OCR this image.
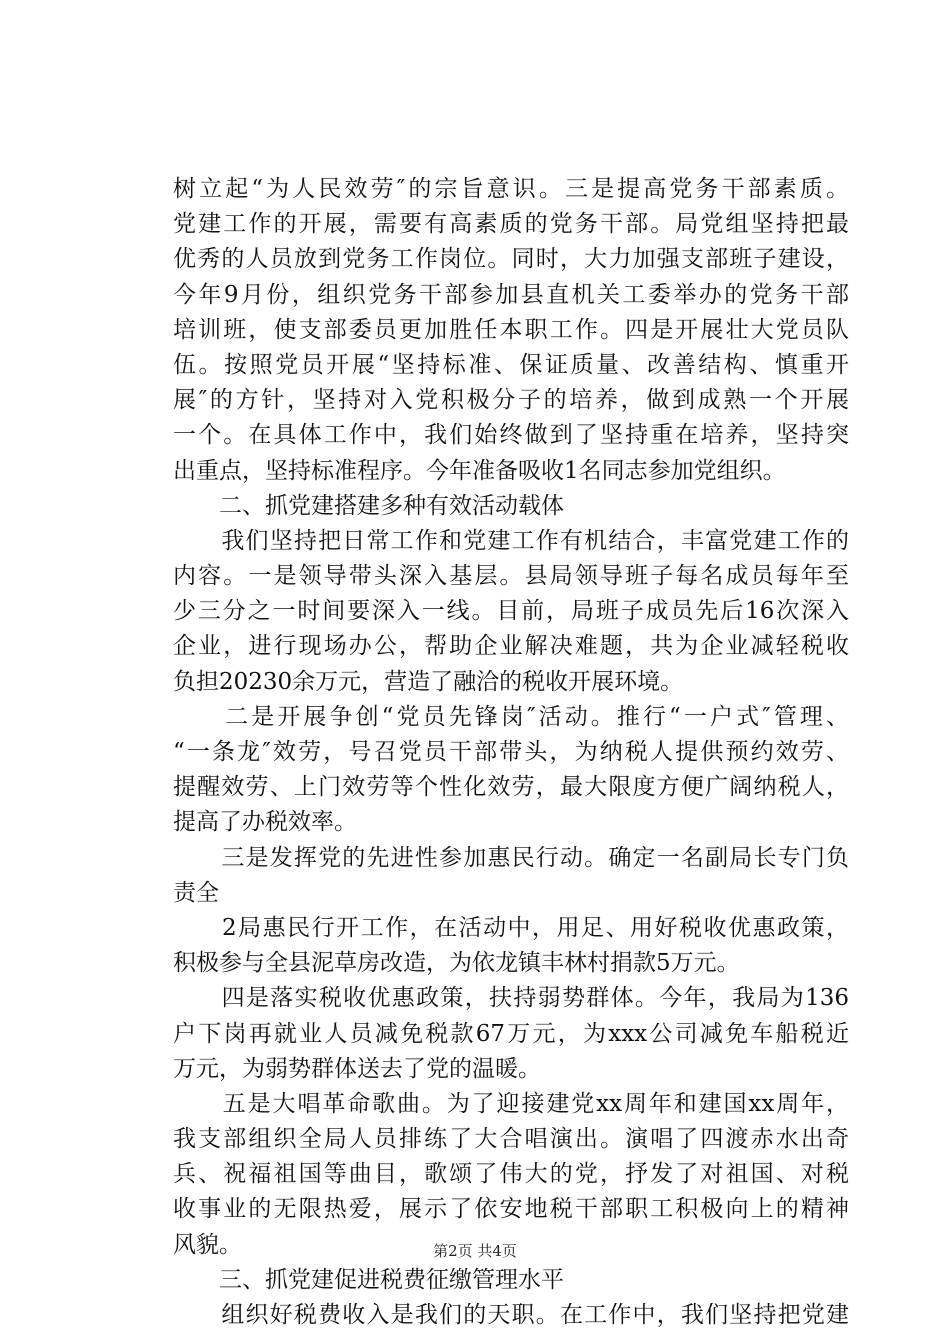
树立起“为人民效劳″的宗旨意识。三是提高党务干部素质。
党建工作的开展，需要有高素质的党务干部。局党组坚持把最
优秀的人员放到党务工作岗位。同时，大力加强支部班子建设，
今年9月份，组织党务干部参加县直机关工委举办的党务干部
培训班，使支部委员更加胜任本职工作。四是开展壮大党员队
伍。按照党员开展“坚持标准、保证质量、改善结构、慎重开
展″的方针，坚持对入党积极分子的培养，做到成熟一个开展
一个。在具体工作中，我们始终做到了坚持重在培养，坚持突
出重点，坚持标准程序。今年准备吸收1名同志参加党组织。
　　二、抓党建搭建多种有效活动载体
　　我们坚持把日常工作和党建工作有机结合，丰富党建工作的
内容。一是领导带头深入基层。县局领导班子每名成员每年至
少三分之一时间要深入一线。目前，局班子成员先后16次深入
企业，进行现场办公，帮助企业解决难题，共为企业减轻税收
负担20230余万元，营造了融洽的税收开展环境。
　　二是开展争创“党员先锋岗″活动。推行“一户式″管理、
“一条龙″效劳，号召党员干部带头，为纳税人提供预约效劳、
提醒效劳、上门效劳等个性化效劳，最大限度方便广阔纳税人，
提高了办税效率。
　　三是发挥党的先进性参加惠民行动。确定一名副局长专门负
责全
　　2局惠民行开工作，在活动中，用足、用好税收优惠政策，
积极参与全县泥草房改造，为依龙镇丰林村捐款5万元。
　　四是落实税收优惠政策，扶持弱势群体。今年，我局为136
户下岗再就业人员减免税款67万元，为xxx公司减免车船税近
万元，为弱势群体送去了党的温暖。
　　五是大唱革命歌曲。为了迎接建党xx周年和建国xx周年，
我支部组织全局人员排练了大合唱演出。演唱了四渡赤水出奇
兵、祝福祖国等曲目，歌颂了伟大的党，抒发了对祖国、对税
收事业的无限热爱，展示了依安地税干部职工积极向上的精神
风貌。
　　三、抓党建促进税费征缴管理水平
　　组织好税费收入是我们的天职。在工作中，我们坚持把党建
第2页 共4页
